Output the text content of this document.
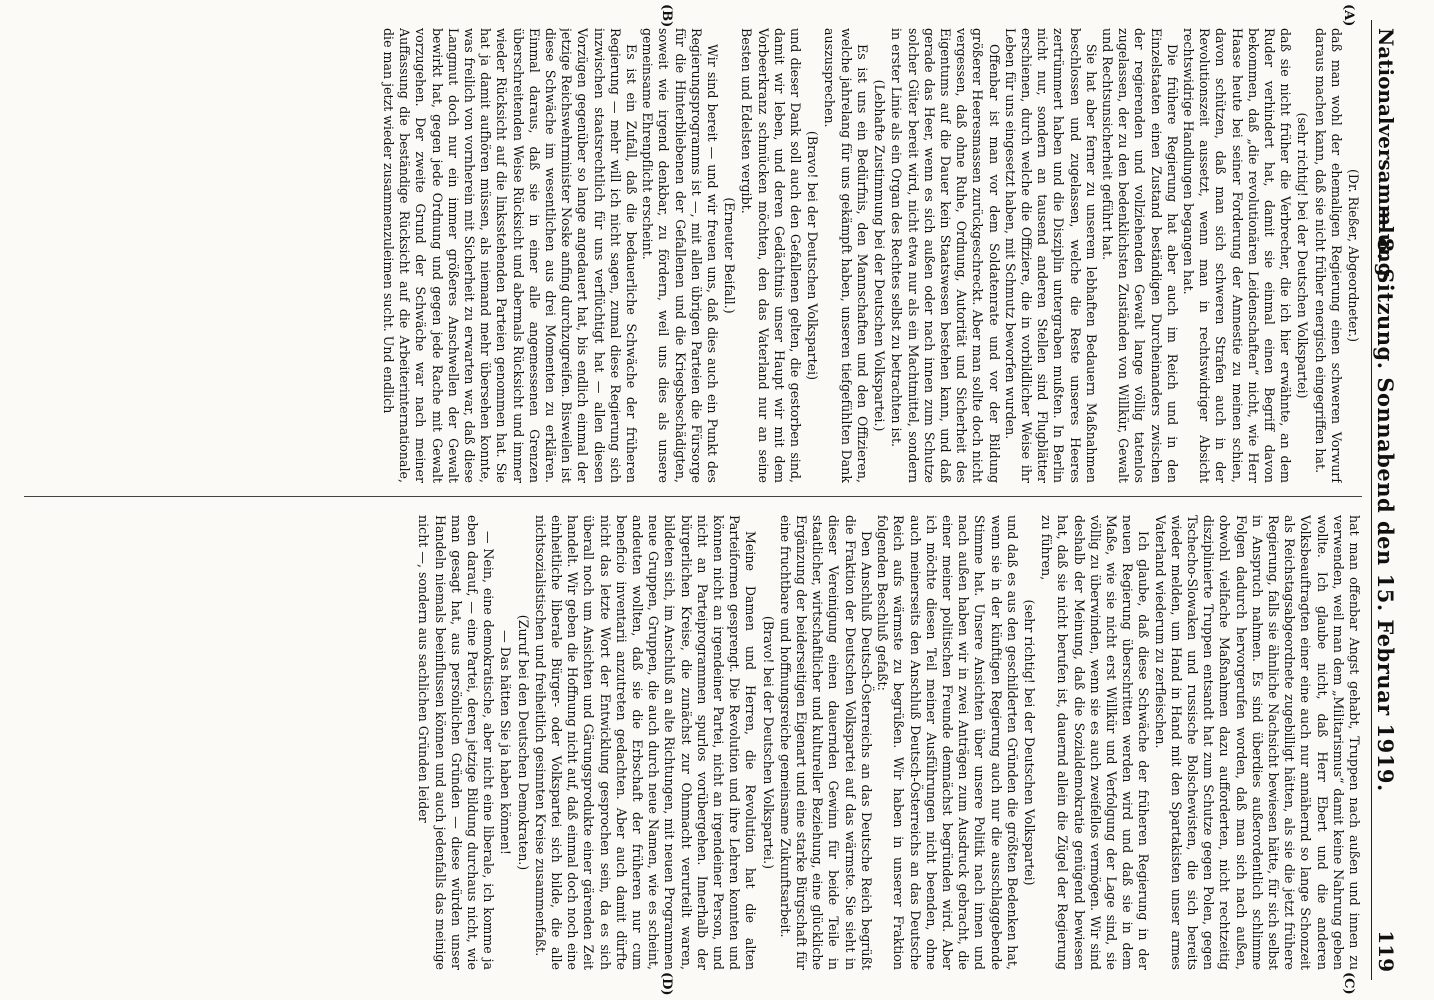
Nationalversammlung.
— 8. Sitzung. Sonnabend den 15. Februar 1919.
119
(A)
(B)
(C)
(D)

(Dr. Rießer, Abgeordneter.)

daß man wohl der ehemaligen Regierung einen schweren Vorwurf daraus machen kann, daß sie nicht früher energisch eingegriffen hat.

(sehr richtig! bei der Deutschen Volkspartei)

daß sie nicht früher die Verbrecher, die ich hier erwähnte, an dem Ruder verhindert hat, damit sie einmal einen Begriff davon bekommen, daß „die revolutionären Leidenschaften“ nicht, wie Herr Haase heute bei seiner Forderung der Amnestie zu meinen schien, davon schützen, daß man sich schweren Strafen auch in der Revolutionszeit aussetzt, wenn man in rechtswidriger Absicht rechtswidrige Handlungen begangen hat.

Die frühere Regierung hat aber auch im Reich und in den Einzelstaaten einen Zustand beständigen Durcheinanders zwischen der regierenden und vollziehenden Gewalt lange völlig tatenlos zugelassen, der zu den bedenklichsten Zuständen von Willkür, Gewalt und Rechtsunsicherheit geführt hat.

Sie hat aber ferner zu unserem lebhaften Bedauern Maßnahmen beschlossen und zugelassen, welche die Reste unseres Heeres zertrümmert haben und die Disziplin untergraben mußten. In Berlin nicht nur, sondern an tausend anderen Stellen sind Flugblätter erschienen, durch welche die Offiziere, die in vorbildlicher Weise ihr Leben für uns eingesetzt haben, mit Schmutz beworfen wurden.

Offenbar ist man vor dem Soldatenrate und vor der Bildung größerer Heeresmassen zurückgeschreckt. Aber man sollte doch nicht vergessen, daß ohne Ruhe, Ordnung, Autorität und Sicherheit des Eigentums auf die Dauer kein Staatswesen bestehen kann, und daß gerade das Heer, wenn es sich außen oder nach innen zum Schutze solcher Güter bereit wird, nicht etwa nur als ein Machtmittel, sondern in erster Linie als ein Organ des Rechtes selbst zu betrachten ist.

(Lebhafte Zustimmung bei der Deutschen Volkspartei.)

Es ist uns ein Bedürfnis, den Mannschaften und den Offizieren, welche jahrelang für uns gekämpft haben, unseren tiefgefühlten Dank auszusprechen.

(Bravo! bei der Deutschen Volkspartei)

und dieser Dank soll auch den Gefallenen gelten, die gestorben sind, damit wir leben, und deren Gedächtnis unser Haupt wir mit dem Vorbeerkranz schmücken möchten, den das Vaterland nur an seine Besten und Edelsten vergibt.

(Erneuter Beifall.)

Wir sind bereit — und wir freuen uns, daß dies auch ein Punkt des Regierungsprogramms ist —, mit allen übrigen Parteien die Fürsorge für die Hinterbliebenen der Gefallenen und die Kriegsbeschädigten, soweit wie irgend denkbar, zu fördern, weil uns dies als unsere gemeinsame Ehrenpflicht erscheint.

Es ist ein Zufall, daß die bedauerliche Schwäche der früheren Regierung — mehr will ich nicht sagen, zumal diese Regierung sich inzwischen staatsrechtlich für uns verflüchtigt hat — allen diesen Vorzügen gegenüber so lange angedauert hat, bis endlich einmal der jetzige Reichswehrminister Noske anfing durchzugreifen. Bisweilen ist diese Schwäche im wesentlichen aus drei Momenten zu erklären. Einmal daraus, daß sie in einer alle angemessenen Grenzen überschreitenden Weise Rücksicht und abermals Rücksicht und immer wieder Rücksicht auf die linksstehenden Parteien genommen hat. Sie hat ja damit aufhören müssen, als niemand mehr übersehen konnte, was freilich von vornherein mit Sicherheit zu erwarten war, daß diese Langmut doch nur ein immer größeres Anschwellen der Gewalt bewirkt hat, gegen jede Ordnung und gegen jede Rache mit Gewalt vorzugehen. Der zweite Grund der Schwäche war nach meiner Auffassung die beständige Rücksicht auf die Arbeiterinternationale, die man jetzt wieder zusammenzuleimen sucht. Und endlich

hat man offenbar Angst gehabt, Truppen nach außen und innen zu verwenden, weil man dem „Militarismus“ damit keine Nahrung geben wollte. Ich glaube nicht, daß Herr Ebert und die anderen Volksbeauftragten einer eine auch nur annähernd so lange Schonzeit als Reichstagsabgeordnete zugebilligt hätten, als sie die jetzt frühere Regierung, falls sie ähnliche Nachsicht bewiesen hätte, für sich selbst in Anspruch nahmen. Es sind überdies außerordentlich schlimme Folgen dadurch hervorgerufen worden, daß man sich nach außen, obwohl vielfache Maßnahmen dazu aufforderten, nicht rechtzeitig disziplinierte Truppen entsandt hat zum Schutze gegen Polen, gegen Tschecho-Slowaken und russische Bolschewisten, die sich bereits wieder melden, um Hand in Hand mit den Spartakisten unser armes Vaterland wiederum zu zerfleischen.

Ich glaube, daß diese Schwäche der früheren Regierung in der neuen Regierung überschritten werden wird und daß sie in dem Maße, wie sie nicht erst Willkür und Verfolgung der Lage sind, sie völlig zu überwinden, wenn sie es auch zweifellos vermögen. Wir sind deshalb der Meinung, daß die Sozialdemokratie genügend bewiesen hat, daß sie nicht berufen ist, dauernd allein die Zügel der Regierung zu führen,

(sehr richtig! bei der Deutschen Volkspartei)

und daß es aus den geschilderten Gründen die größten Bedenken hat, wenn sie in der künftigen Regierung auch nur die ausschlaggebende Stimme hat. Unsere Ansichten über unsere Politik nach innen und nach außen haben wir in zwei Anträgen zum Ausdruck gebracht, die einer meiner politischen Freunde demnächst begründen wird. Aber ich möchte diesen Teil meiner Ausführungen nicht beenden, ohne auch meinerseits den Anschluß Deutsch-Österreichs an das Deutsche Reich aufs wärmste zu begrüßen. Wir haben in unserer Fraktion folgenden Beschluß gefaßt:

Den Anschluß Deutsch-Österreichs an das Deutsche Reich begrüßt die Fraktion der Deutschen Volkspartei auf das wärmste. Sie sieht in dieser Vereinigung einen dauernden Gewinn für beide Teile in staatlicher, wirtschaftlicher und kultureller Beziehung, eine glückliche Ergänzung der beiderseitigen Eigenart und eine starke Bürgschaft für eine fruchtbare und hoffnungsreiche gemeinsame Zukunftsarbeit.

(Bravo! bei der Deutschen Volkspartei.)

Meine Damen und Herren, die Revolution hat die alten Parteiformen gesprengt. Die Revolution und ihre Lehren konnten und können nicht an irgendeiner Partei, nicht an irgendeiner Person, und nicht an Parteiprogrammen spurlos vorübergehen. Innerhalb der bürgerlichen Kreise, die zunächst zur Ohnmacht verurteilt waren, bildeten sich, im Anschluß an alte Richtungen, mit neuen Programmen neue Gruppen, Gruppen, die auch durch neue Namen, wie es scheint, andeuten wollten, daß sie die Erbschaft der früheren nur cum beneficio inventarii anzutreten gedachten. Aber auch damit dürfte nicht das letzte Wort der Entwicklung gesprochen sein, da es sich überall noch um Ansichten und Gärungsprodukte einer gärenden Zeit handelt. Wir geben die Hoffnung nicht auf, daß einmal doch noch eine einheitliche liberale Bürger- oder Volkspartei sich bilde, die alle nichtsozialistischen und freiheitlich gesinnten Kreise zusammenfaßt.

(Zuruf bei den Deutschen Demokraten.)

— Das hätten Sie ja haben können!

— Nein, eine demokratische, aber nicht eine liberale, ich komme ja eben darauf, — eine Partei, deren jetzige Bildung durchaus nicht, wie man gesagt hat, aus persönlichen Gründen — diese würden unser Handeln niemals beeinflussen können und auch jedenfalls das meinige nicht —, sondern aus sachlichen Gründen leider
